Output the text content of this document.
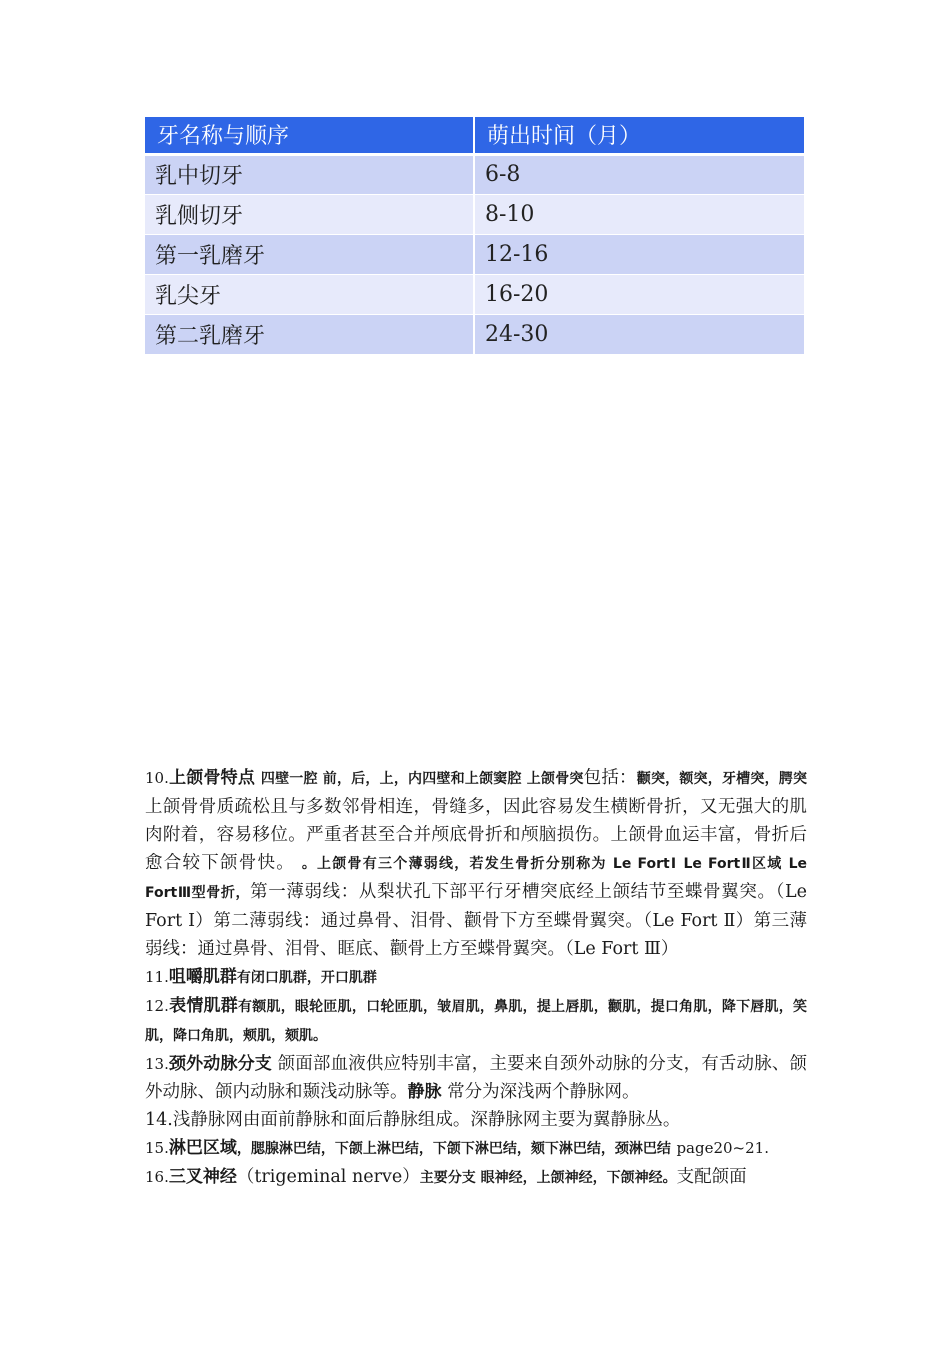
牙名称与顺序	萌出时间（月）
乳中切牙	6-8
乳侧切牙	8-10
第一乳磨牙	12-16
乳尖牙	16-20
第二乳磨牙	24-30

10.上颌骨特点 四壁一腔 前，后，上，内四壁和上颌窦腔 上颌骨突包括：颧突，额突，牙槽突，腭突 上颌骨骨质疏松且与多数邻骨相连，骨缝多，因此容易发生横断骨折，又无强大的肌肉附着，容易移位。严重者甚至合并颅底骨折和颅脑损伤。上颌骨血运丰富，骨折后愈合较下颌骨快。 。上颌骨有三个薄弱线，若发生骨折分别称为 Le FortⅠ Le FortⅡ区域 Le FortⅢ型骨折，第一薄弱线：从梨状孔下部平行牙槽突底经上颌结节至蝶骨翼突。（Le Fort Ⅰ）第二薄弱线：通过鼻骨、泪骨、颧骨下方至蝶骨翼突。（Le Fort Ⅱ）第三薄弱线：通过鼻骨、泪骨、眶底、颧骨上方至蝶骨翼突。（Le Fort Ⅲ）

11.咀嚼肌群有闭口肌群，开口肌群

12.表情肌群有额肌，眼轮匝肌，口轮匝肌，皱眉肌，鼻肌，提上唇肌，颧肌，提口角肌，降下唇肌，笑肌，降口角肌，颊肌，颏肌。

13.颈外动脉分支 颌面部血液供应特别丰富，主要来自颈外动脉的分支，有舌动脉、颌外动脉、颌内动脉和颞浅动脉等。静脉 常分为深浅两个静脉网。

14.浅静脉网由面前静脉和面后静脉组成。深静脉网主要为翼静脉丛。

15.淋巴区域，腮腺淋巴结，下颌上淋巴结，下颌下淋巴结，颏下淋巴结，颈淋巴结 page20~21.

16.三叉神经（trigeminal nerve）主要分支 眼神经，上颌神经，下颌神经。支配颌面
